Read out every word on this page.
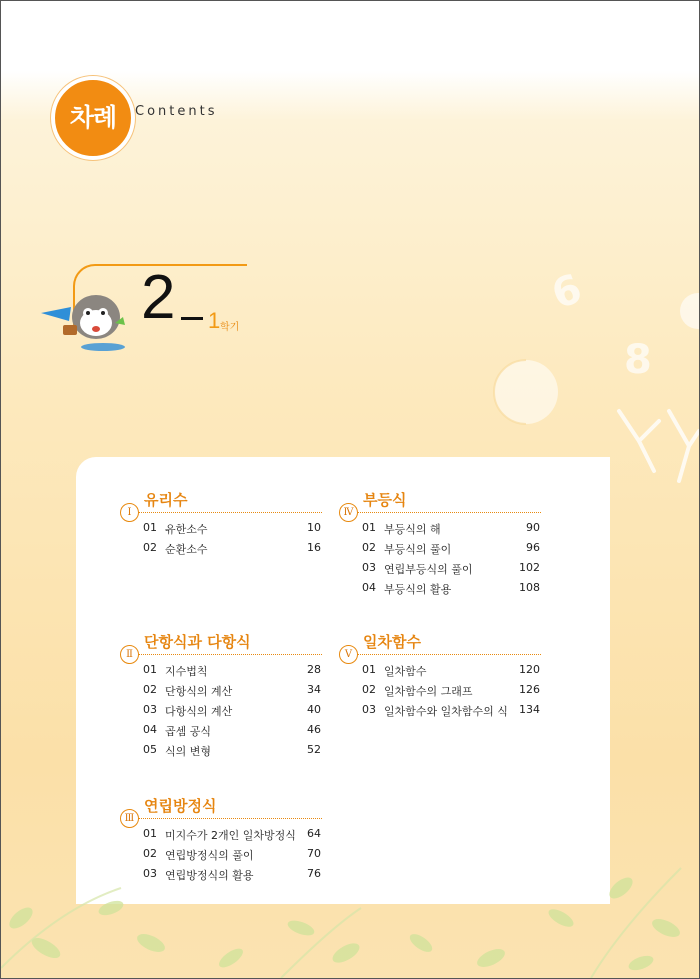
차례	Contents
6
8
2 1 학기
Ⅰ
유리수
01 유한소수	10
02 순환소수	16
Ⅱ
단항식과 다항식
01 지수법칙	28
02 단항식의 계산	34
03 다항식의 계산	40
04 곱셈 공식	46
05 식의 변형	52
Ⅲ
연립방정식
01 미지수가 2개인 일차방정식 64
02 연립방정식의 풀이	70
03 연립방정식의 활용	76
Ⅳ
부등식
01 부등식의 해	90
02 부등식의 풀이	96
03 연립부등식의 풀이	102
04 부등식의 활용	108
Ⅴ
일차함수
01 일차함수	120
02 일차함수의 그래프	126
03 일차함수와 일차함수의 식 134
